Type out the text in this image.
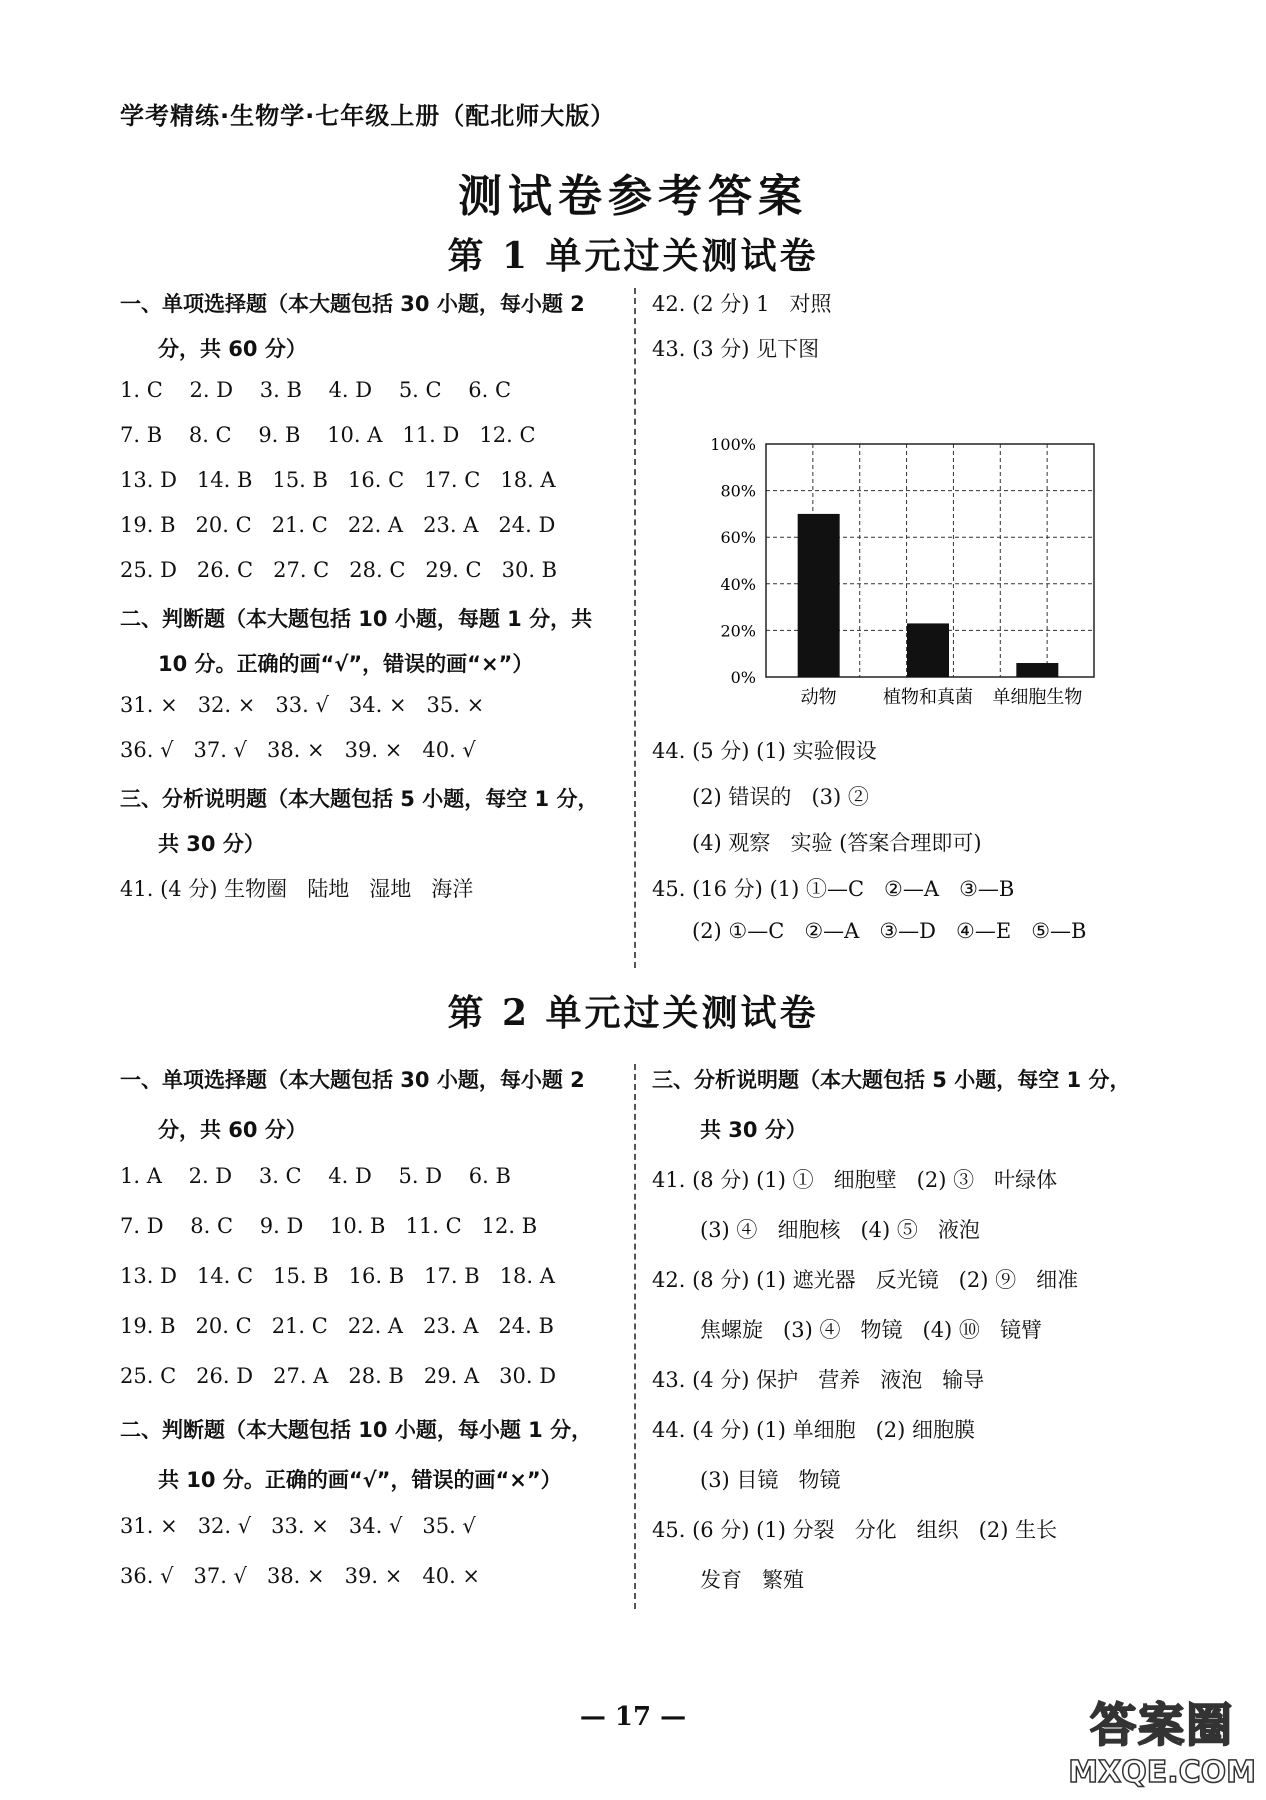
学考精练·生物学·七年级上册（配北师大版）
测试卷参考答案
第 1 单元过关测试卷
一、单项选择题（本大题包括 30 小题，每小题 2
分，共 60 分）
1. C    2. D    3. B    4. D    5. C    6. C
7. B    8. C    9. B    10. A   11. D   12. C
13. D   14. B   15. B   16. C   17. C   18. A
19. B   20. C   21. C   22. A   23. A   24. D
25. D   26. C   27. C   28. C   29. C   30. B
二、判断题（本大题包括 10 小题，每题 1 分，共
10 分。正确的画“√”，错误的画“×”）
31. ×   32. ×   33. √   34. ×   35. ×
36. √   37. √   38. ×   39. ×   40. √
三、分析说明题（本大题包括 5 小题，每空 1 分，
共 30 分）
41. (4 分) 生物圈   陆地   湿地   海洋
42. (2 分) 1   对照
43. (3 分) 见下图
0%
20%
40%
60%
80%
100%
动物	植物和真菌 单细胞生物
44. (5 分) (1) 实验假设
(2) 错误的   (3) ②
(4) 观察   实验 (答案合理即可)
45. (16 分) (1) ①—C   ②—A   ③—B
(2) ①—C   ②—A   ③—D   ④—E   ⑤—B
第 2 单元过关测试卷
一、单项选择题（本大题包括 30 小题，每小题 2
分，共 60 分）
1. A    2. D    3. C    4. D    5. D    6. B
7. D    8. C    9. D    10. B   11. C   12. B
13. D   14. C   15. B   16. B   17. B   18. A
19. B   20. C   21. C   22. A   23. A   24. B
25. C   26. D   27. A   28. B   29. A   30. D
二、判断题（本大题包括 10 小题，每小题 1 分，
共 10 分。正确的画“√”，错误的画“×”）
31. ×   32. √   33. ×   34. √   35. √
36. √   37. √   38. ×   39. ×   40. ×
三、分析说明题（本大题包括 5 小题，每空 1 分，
共 30 分）
41. (8 分) (1) ①   细胞壁   (2) ③   叶绿体
(3) ④   细胞核   (4) ⑤   液泡
42. (8 分) (1) 遮光器   反光镜   (2) ⑨   细准
焦螺旋   (3) ④   物镜   (4) ⑩   镜臂
43. (4 分) 保护   营养   液泡   输导
44. (4 分) (1) 单细胞   (2) 细胞膜
(3) 目镜   物镜
45. (6 分) (1) 分裂   分化   组织   (2) 生长
发育   繁殖
— 17 —	答案圈
MXQE.COM
